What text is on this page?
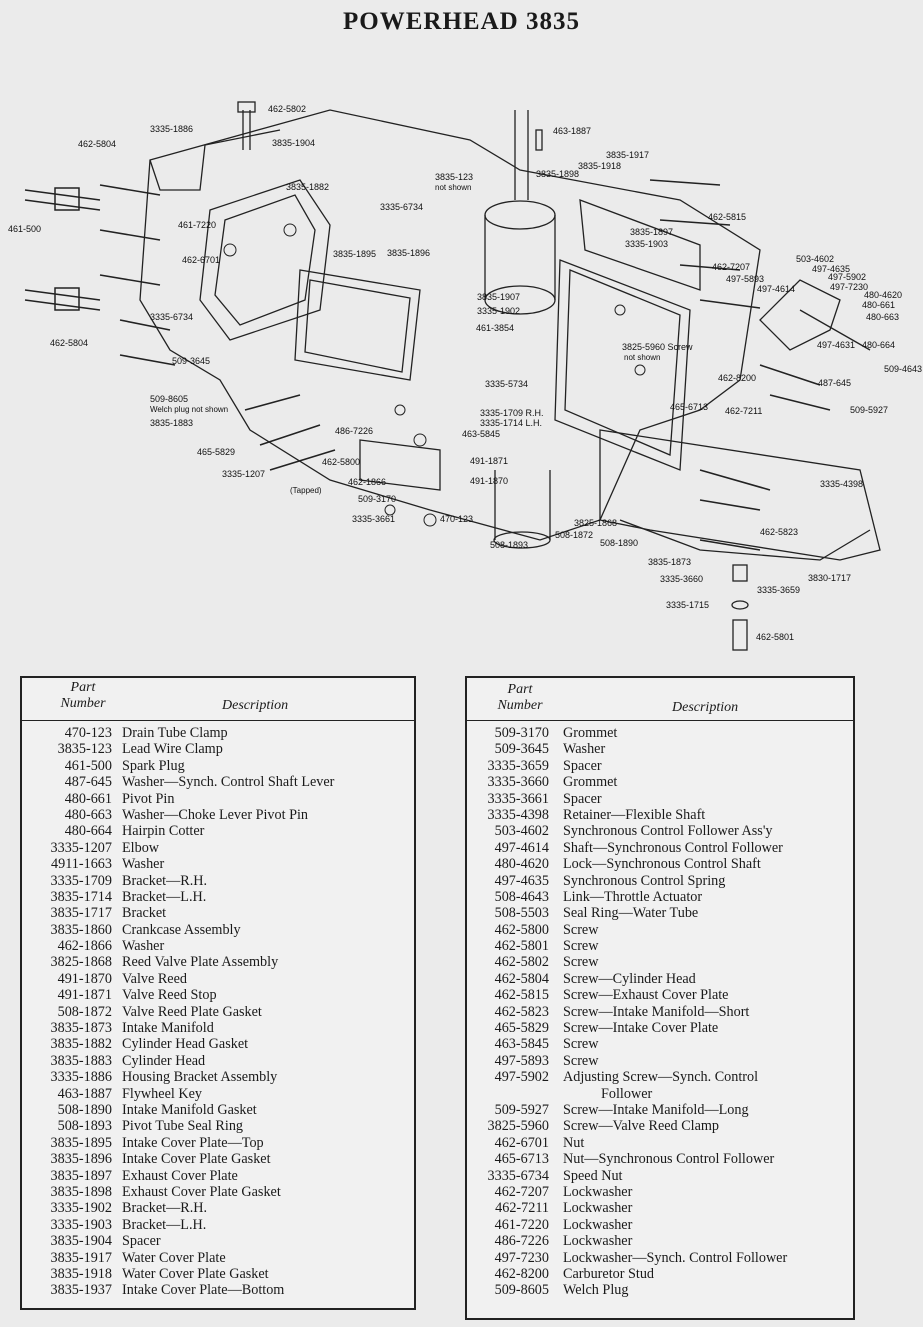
POWERHEAD 3835
462-5802
3835-1904
3335-1886
462-5804
461-500	461-7220
462-6701
3335-6734
462-5804
509-3645
509-8605
3835-1883
465-5829
3335-1207
3835-1882
3835-123
3335-6734
3835-1895 3835-1896
3835-1907
3335-1902
461-3854
3335-5734
3335-1709 R.H.
3335-1714 L.H.
463-5845
462-5800
462-1866
509-3170
3335-3661	470-123
491-1871
491-1870
508-1893
508-1872
3825-1868
508-1890
3835-1873
3335-3660
3335-1715
462-5801
3335-3659
3830-1717
3335-4398
462-5823
509-5927
487-645
480-664
509-4643
480-663
480-661
480-4620
497-7230
497-5902
497-4635
503-4602
497-4614
497-4631
497-5893
462-7207
462-8200
465-6713 462-7211
3825-5960 Screw
462-5815
3835-1897
3335-1903
3835-1898
3835-1918
3835-1917
463-1887
486-7226
not shown
Welch plug not shown
(Tapped)
not shown
Part
Number	Description
470-123 Drain Tube Clamp
3835-123 Lead Wire Clamp
461-500 Spark Plug
487-645 Washer—Synch. Control Shaft Lever
480-661 Pivot Pin
480-663 Washer—Choke Lever Pivot Pin
480-664 Hairpin Cotter
3335-1207 Elbow
4911-1663 Washer
3335-1709 Bracket—R.H.
3835-1714 Bracket—L.H.
3835-1717 Bracket
3835-1860 Crankcase Assembly
462-1866 Washer
3825-1868 Reed Valve Plate Assembly
491-1870 Valve Reed
491-1871 Valve Reed Stop
508-1872 Valve Reed Plate Gasket
3835-1873 Intake Manifold
3835-1882 Cylinder Head Gasket
3835-1883 Cylinder Head
3335-1886 Housing Bracket Assembly
463-1887 Flywheel Key
508-1890 Intake Manifold Gasket
508-1893 Pivot Tube Seal Ring
3835-1895 Intake Cover Plate—Top
3835-1896 Intake Cover Plate Gasket
3835-1897 Exhaust Cover Plate
3835-1898 Exhaust Cover Plate Gasket
3335-1902 Bracket—R.H.
3335-1903 Bracket—L.H.
3835-1904 Spacer
3835-1917 Water Cover Plate
3835-1918 Water Cover Plate Gasket
3835-1937 Intake Cover Plate—Bottom
Part
Number	Description
509-3170 Grommet
509-3645 Washer
3335-3659 Spacer
3335-3660 Grommet
3335-3661 Spacer
3335-4398 Retainer—Flexible Shaft
503-4602 Synchronous Control Follower Ass'y
497-4614 Shaft—Synchronous Control Follower
480-4620 Lock—Synchronous Control Shaft
497-4635 Synchronous Control Spring
508-4643 Link—Throttle Actuator
508-5503 Seal Ring—Water Tube
462-5800 Screw
462-5801 Screw
462-5802 Screw
462-5804 Screw—Cylinder Head
462-5815 Screw—Exhaust Cover Plate
462-5823 Screw—Intake Manifold—Short
465-5829 Screw—Intake Cover Plate
463-5845 Screw
497-5893 Screw
497-5902 Adjusting Screw—Synch. Control
Follower
509-5927 Screw—Intake Manifold—Long
3825-5960 Screw—Valve Reed Clamp
462-6701 Nut
465-6713 Nut—Synchronous Control Follower
3335-6734 Speed Nut
462-7207 Lockwasher
462-7211 Lockwasher
461-7220 Lockwasher
486-7226 Lockwasher
497-7230 Lockwasher—Synch. Control Follower
462-8200 Carburetor Stud
509-8605 Welch Plug
